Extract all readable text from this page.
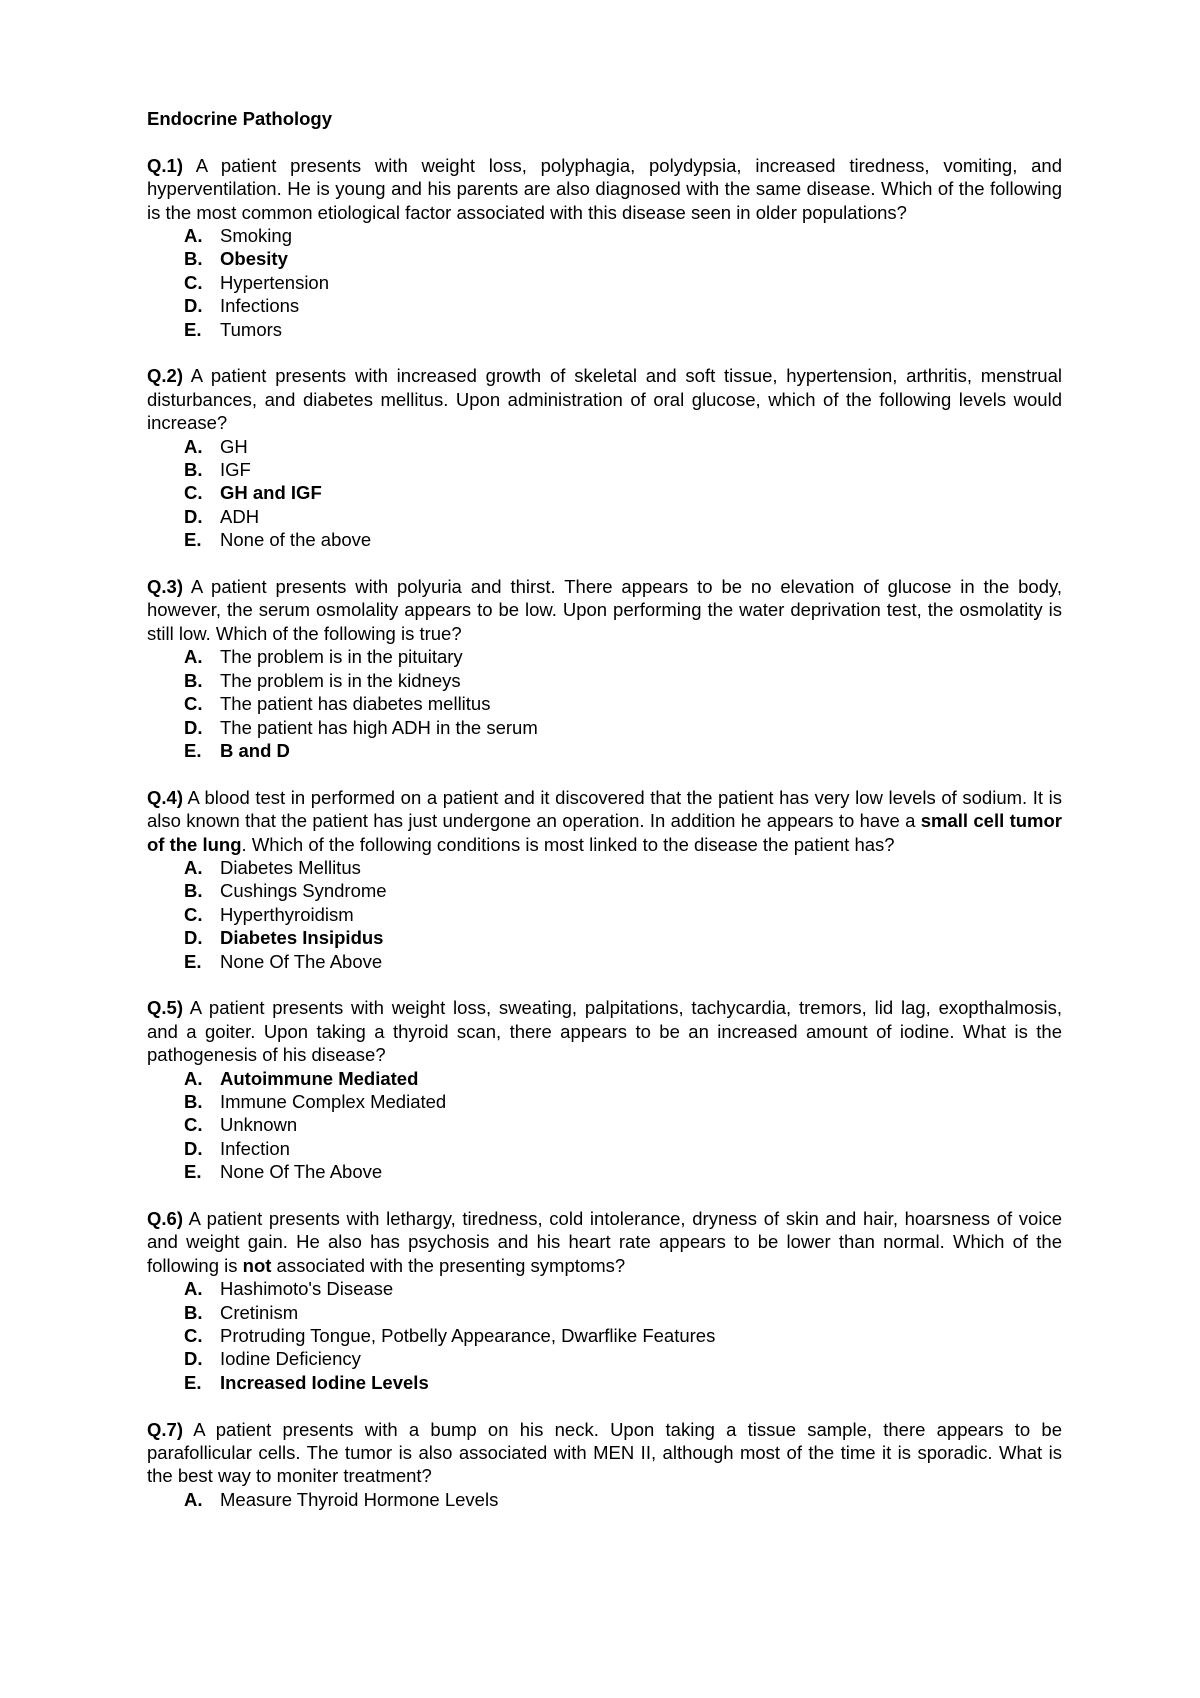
Endocrine Pathology

Q.1) A patient presents with weight loss, polyphagia, polydypsia, increased tiredness, vomiting, and hyperventilation. He is young and his parents are also diagnosed with the same disease. Which of the following is the most common etiological factor associated with this disease seen in older populations?

A. Smoking
B. Obesity
C. Hypertension
D. Infections
E. Tumors

Q.2) A patient presents with increased growth of skeletal and soft tissue, hypertension, arthritis, menstrual disturbances, and diabetes mellitus. Upon administration of oral glucose, which of the following levels would increase?

A. GH
B. IGF
C. GH and IGF
D. ADH
E. None of the above

Q.3) A patient presents with polyuria and thirst. There appears to be no elevation of glucose in the body, however, the serum osmolality appears to be low. Upon performing the water deprivation test, the osmolatity is still low. Which of the following is true?

A. The problem is in the pituitary
B. The problem is in the kidneys
C. The patient has diabetes mellitus
D. The patient has high ADH in the serum
E. B and D

Q.4) A blood test in performed on a patient and it discovered that the patient has very low levels of sodium. It is also known that the patient has just undergone an operation. In addition he appears to have a small cell tumor of the lung. Which of the following conditions is most linked to the disease the patient has?

A. Diabetes Mellitus
B. Cushings Syndrome
C. Hyperthyroidism
D. Diabetes Insipidus
E. None Of The Above

Q.5) A patient presents with weight loss, sweating, palpitations, tachycardia, tremors, lid lag, exopthalmosis, and a goiter. Upon taking a thyroid scan, there appears to be an increased amount of iodine. What is the pathogenesis of his disease?

A. Autoimmune Mediated
B. Immune Complex Mediated
C. Unknown
D. Infection
E. None Of The Above

Q.6) A patient presents with lethargy, tiredness, cold intolerance, dryness of skin and hair, hoarsness of voice and weight gain. He also has psychosis and his heart rate appears to be lower than normal. Which of the following is not associated with the presenting symptoms?

A. Hashimoto's Disease
B. Cretinism
C. Protruding Tongue, Potbelly Appearance, Dwarflike Features
D. Iodine Deficiency
E. Increased Iodine Levels

Q.7) A patient presents with a bump on his neck. Upon taking a tissue sample, there appears to be parafollicular cells. The tumor is also associated with MEN II, although most of the time it is sporadic. What is the best way to moniter treatment?

A. Measure Thyroid Hormone Levels
